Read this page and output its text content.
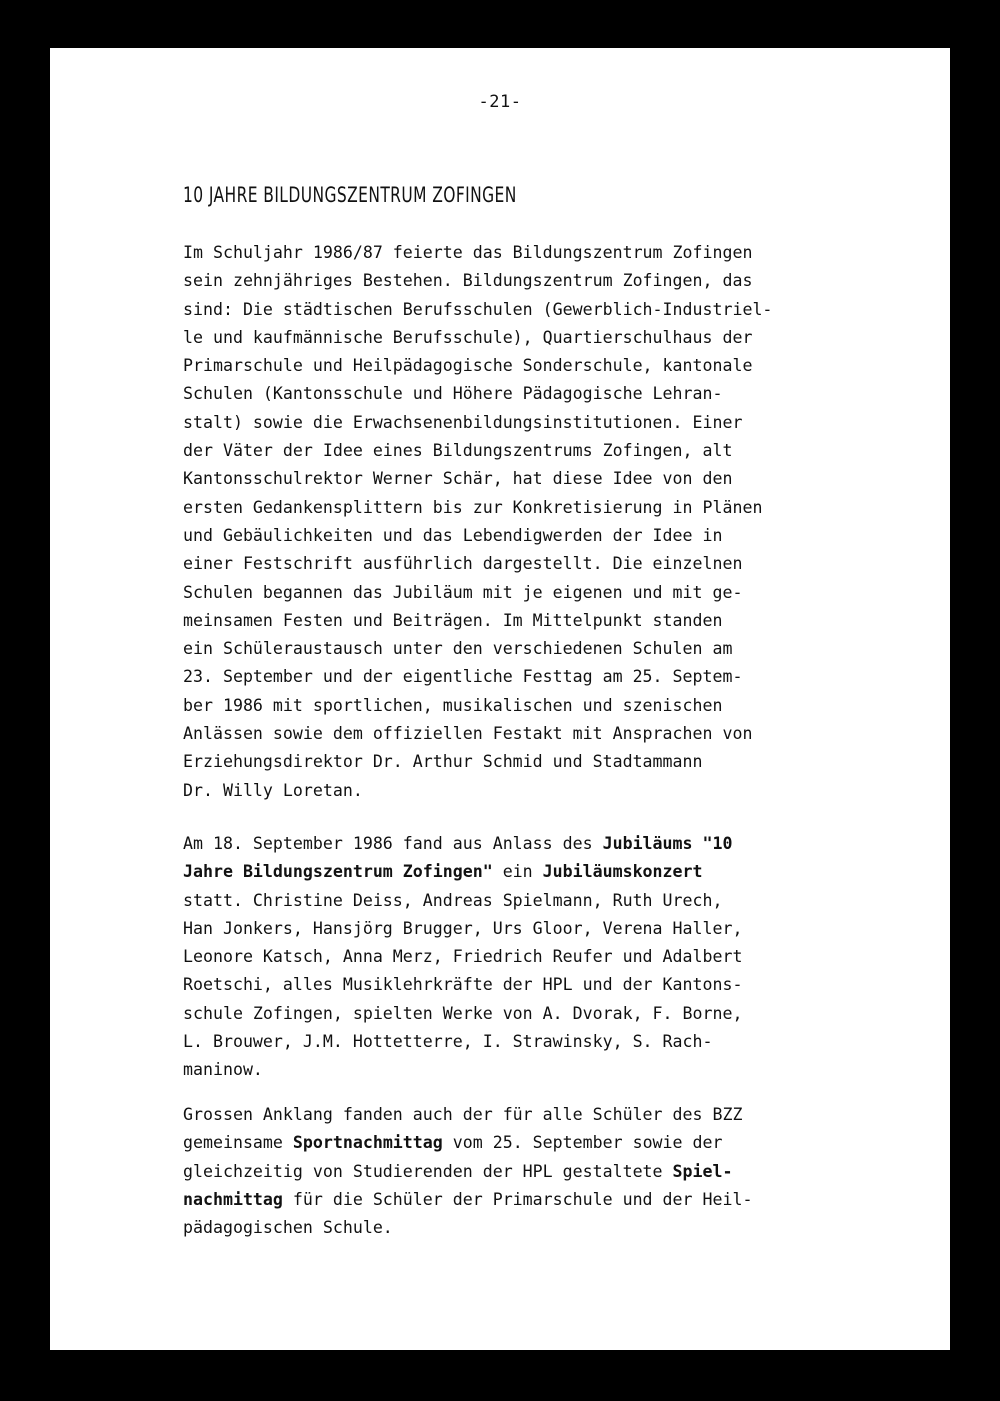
-21-
10 JAHRE BILDUNGSZENTRUM ZOFINGEN
Im Schuljahr 1986/87 feierte das Bildungszentrum Zofingen
sein zehnjähriges Bestehen. Bildungszentrum Zofingen, das
sind: Die städtischen Berufsschulen (Gewerblich-Industriel-
le und kaufmännische Berufsschule), Quartierschulhaus der
Primarschule und Heilpädagogische Sonderschule, kantonale
Schulen (Kantonsschule und Höhere Pädagogische Lehran-
stalt) sowie die Erwachsenenbildungsinstitutionen. Einer
der Väter der Idee eines Bildungszentrums Zofingen, alt
Kantonsschulrektor Werner Schär, hat diese Idee von den
ersten Gedankensplittern bis zur Konkretisierung in Plänen
und Gebäulichkeiten und das Lebendigwerden der Idee in
einer Festschrift ausführlich dargestellt. Die einzelnen
Schulen begannen das Jubiläum mit je eigenen und mit ge-
meinsamen Festen und Beiträgen. Im Mittelpunkt standen
ein Schüleraustausch unter den verschiedenen Schulen am
23. September und der eigentliche Festtag am 25. Septem-
ber 1986 mit sportlichen, musikalischen und szenischen
Anlässen sowie dem offiziellen Festakt mit Ansprachen von
Erziehungsdirektor Dr. Arthur Schmid und Stadtammann
Dr. Willy Loretan.
Am 18. September 1986 fand aus Anlass des Jubiläums "10
Jahre Bildungszentrum Zofingen" ein Jubiläumskonzert
statt. Christine Deiss, Andreas Spielmann, Ruth Urech,
Han Jonkers, Hansjörg Brugger, Urs Gloor, Verena Haller,
Leonore Katsch, Anna Merz, Friedrich Reufer und Adalbert
Roetschi, alles Musiklehrkräfte der HPL und der Kantons-
schule Zofingen, spielten Werke von A. Dvorak, F. Borne,
L. Brouwer, J.M. Hottetterre, I. Strawinsky, S. Rach-
maninow.
Grossen Anklang fanden auch der für alle Schüler des BZZ
gemeinsame Sportnachmittag vom 25. September sowie der
gleichzeitig von Studierenden der HPL gestaltete Spiel-
nachmittag für die Schüler der Primarschule und der Heil-
pädagogischen Schule.
